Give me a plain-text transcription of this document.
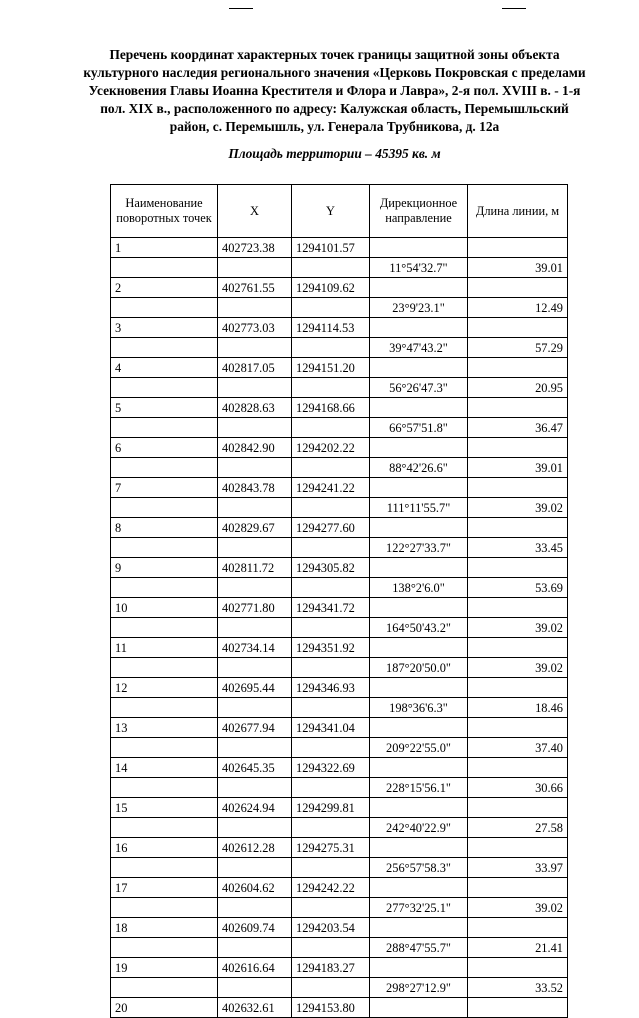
Перечень координат характерных точек границы защитной зоны объекта культурного наследия регионального значения «Церковь Покровская с пределами Усекновения Главы Иоанна Крестителя и Флора и Лавра», 2-я пол. XVIII в. - 1-я пол. XIX в., расположенного по адресу: Калужская область, Перемышльский район, с. Перемышль, ул. Генерала Трубникова, д. 12а
Площадь территории – 45395 кв. м
Наименование поворотных точек	X	Y	Дирекционное направление	Длина линии, м
1	402723.38	1294101.57		
			11°54'32.7"	39.01
2	402761.55	1294109.62		
			23°9'23.1"	12.49
3	402773.03	1294114.53		
			39°47'43.2"	57.29
4	402817.05	1294151.20		
			56°26'47.3"	20.95
5	402828.63	1294168.66		
			66°57'51.8"	36.47
6	402842.90	1294202.22		
			88°42'26.6"	39.01
7	402843.78	1294241.22		
			111°11'55.7"	39.02
8	402829.67	1294277.60		
			122°27'33.7"	33.45
9	402811.72	1294305.82		
			138°2'6.0"	53.69
10	402771.80	1294341.72		
			164°50'43.2"	39.02
11	402734.14	1294351.92		
			187°20'50.0"	39.02
12	402695.44	1294346.93		
			198°36'6.3"	18.46
13	402677.94	1294341.04		
			209°22'55.0"	37.40
14	402645.35	1294322.69		
			228°15'56.1"	30.66
15	402624.94	1294299.81		
			242°40'22.9"	27.58
16	402612.28	1294275.31		
			256°57'58.3"	33.97
17	402604.62	1294242.22		
			277°32'25.1"	39.02
18	402609.74	1294203.54		
			288°47'55.7"	21.41
19	402616.64	1294183.27		
			298°27'12.9"	33.52
20	402632.61	1294153.80		
